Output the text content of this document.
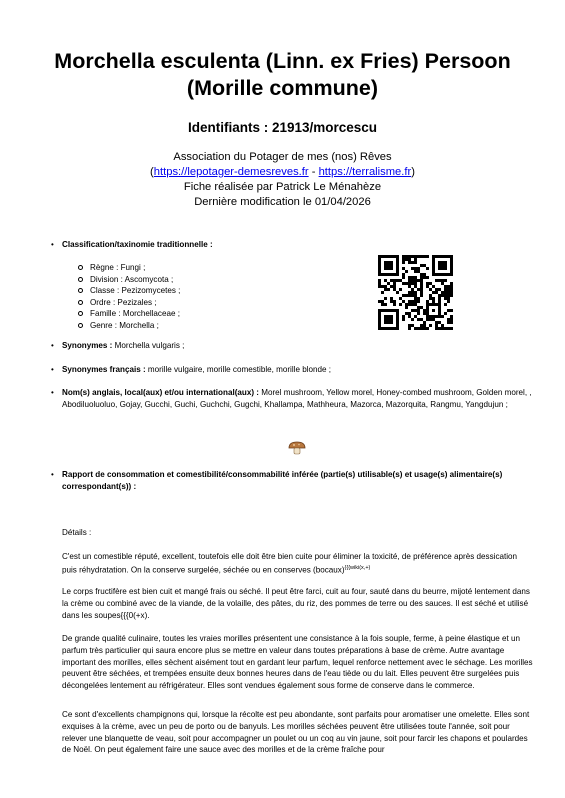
Morchella esculenta (Linn. ex Fries) Persoon
(Morille commune)
Identifiants : 21913/morcescu
Association du Potager de mes (nos) Rêves
(https://lepotager-demesreves.fr - https://terralisme.fr)
Fiche réalisée par Patrick Le Ménahèze
Dernière modification le 01/04/2026
• Classification/taxinomie traditionnelle :
Règne : Fungi ;
Division : Ascomycota ;
Classe : Pezizomycetes ;
Ordre : Pezizales ;
Famille : Morchellaceae ;
Genre : Morchella ;
• Synonymes : Morchella vulgaris ;
• Synonymes français : morille vulgaire, morille comestible, morille blonde ;
• Nom(s) anglais, local(aux) et/ou international(aux) : Morel mushroom, Yellow morel, Honey-combed mushroom, Golden morel, , Abodiluoluoluo, Gojay, Gucchi, Guchi, Guchchi, Gugchi, Khallampa, Mathheura, Mazorca, Mazorquita, Rangmu, Yangdujun ;
• Rapport de consommation et comestibilité/consommabilité inférée (partie(s) utilisable(s) et usage(s) alimentaire(s) correspondant(s)) :
Détails :
C'est un comestible réputé, excellent, toutefois elle doit être bien cuite pour éliminer la toxicité, de préférence après dessication puis réhydratation. On la conserve surgelée, séchée ou en conserves (bocaux)$^{\{\{\{wiki(x,+)}$
Le corps fructifère est bien cuit et mangé frais ou séché. Il peut être farci, cuit au four, sauté dans du beurre, mijoté lentement dans la crème ou combiné avec de la viande, de la volaille, des pâtes, du riz, des pommes de terre ou des sauces. Il est séché et utilisé dans les soupes{{{0(+x).
De grande qualité culinaire, toutes les vraies morilles présentent une consistance à la fois souple, ferme, à peine élastique et un parfum très particulier qui saura encore plus se mettre en valeur dans toutes préparations à base de crème. Autre avantage important des morilles, elles sèchent aisément tout en gardant leur parfum, lequel renforce nettement avec le séchage. Les morilles peuvent être séchées, et trempées ensuite deux bonnes heures dans de l'eau tiède ou du lait. Elles peuvent être surgelées puis décongelées lentement au réfrigérateur. Elles sont vendues également sous forme de conserve dans le commerce.
Ce sont d'excellents champignons qui, lorsque la récolte est peu abondante, sont parfaits pour aromatiser une omelette. Elles sont exquises à la crème, avec un peu de porto ou de banyuls. Les morilles séchées peuvent être utilisées toute l'année, soit pour relever une blanquette de veau, soit pour accompagner un poulet ou un coq au vin jaune, soit pour farcir les chapons et poulardes de Noël. On peut également faire une sauce avec des morilles et de la crème fraîche pour
